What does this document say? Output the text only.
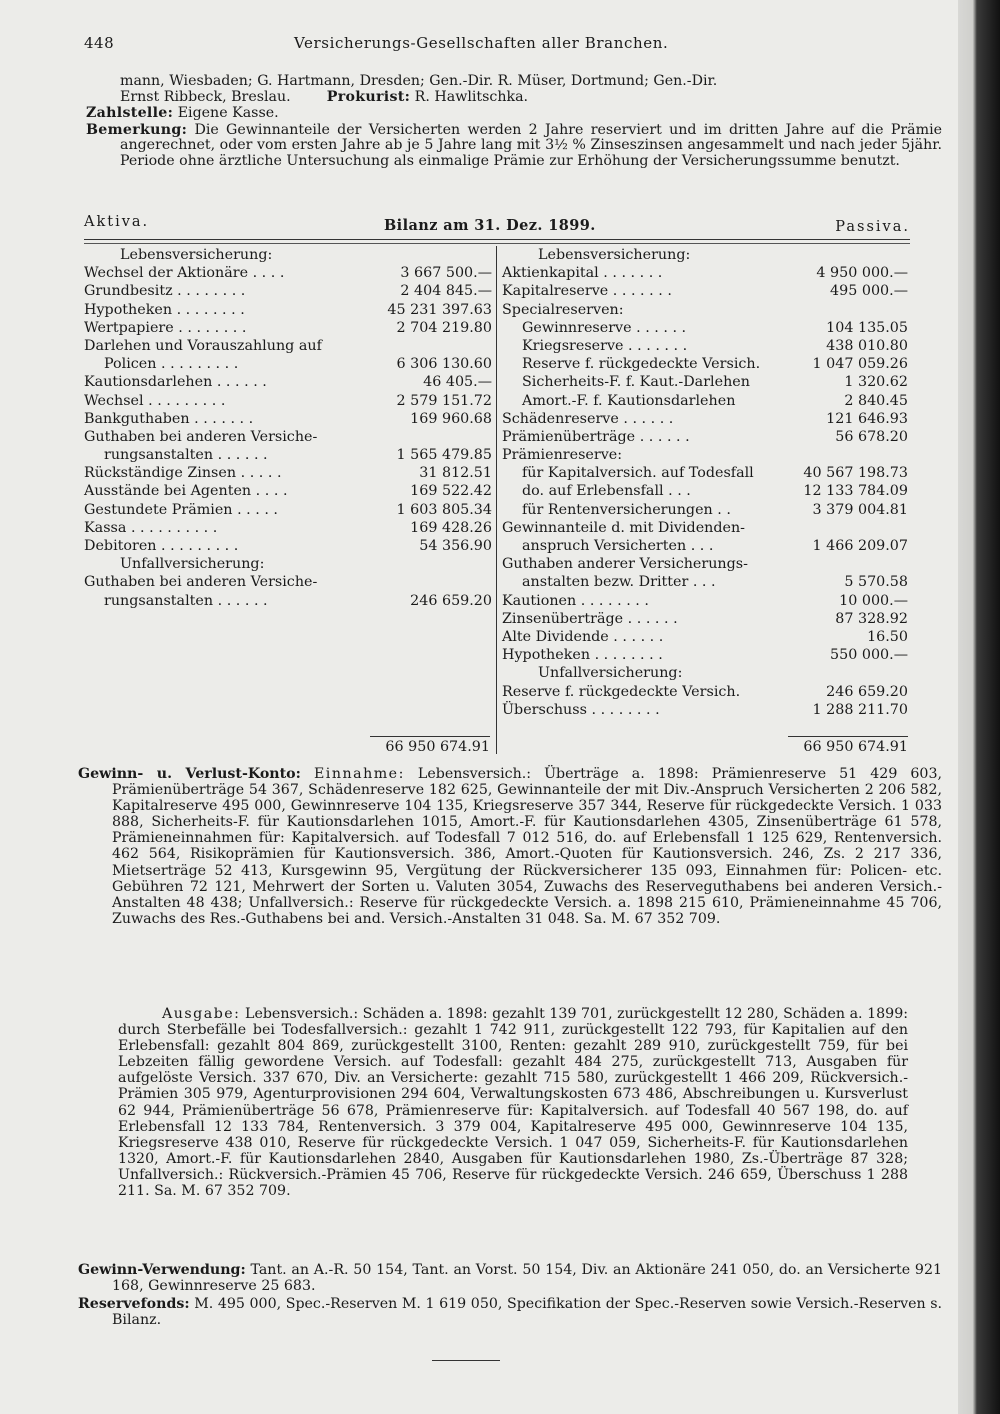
448	Versicherungs-Gesellschaften aller Branchen.
mann, Wiesbaden; G. Hartmann, Dresden; Gen.-Dir. R. Müser, Dortmund; Gen.-Dir.
Ernst Ribbeck, Breslau.	Prokurist: R. Hawlitschka.
Zahlstelle: Eigene Kasse.
Bemerkung: Die Gewinnanteile der Versicherten werden 2 Jahre reserviert und im dritten Jahre auf die Prämie angerechnet, oder vom ersten Jahre ab je 5 Jahre lang mit 3½ % Zinseszinsen angesammelt und nach jeder 5jähr. Periode ohne ärztliche Untersuchung als einmalige Prämie zur Erhöhung der Versicherungssumme benutzt.
Aktiva.	Bilanz am 31. Dez. 1899.	Passiva.
Lebensversicherung:
Wechsel der Aktionäre . . . .	3 667 500.—
Grundbesitz . . . . . . . .	2 404 845.—
Hypotheken . . . . . . . .	45 231 397.63
Wertpapiere . . . . . . . .	2 704 219.80
Darlehen und Vorauszahlung auf
Policen . . . . . . . . .	6 306 130.60
Kautionsdarlehen . . . . . .	46 405.—
Wechsel . . . . . . . . .	2 579 151.72
Bankguthaben . . . . . . .	169 960.68
Guthaben bei anderen Versiche-
rungsanstalten . . . . . .	1 565 479.85
Rückständige Zinsen . . . . .	31 812.51
Ausstände bei Agenten . . . .	169 522.42
Gestundete Prämien . . . . .	1 603 805.34
Kassa . . . . . . . . . .	169 428.26
Debitoren . . . . . . . . .	54 356.90
Unfallversicherung:
Guthaben bei anderen Versiche-
rungsanstalten . . . . . .	246 659.20
Lebensversicherung:
Aktienkapital . . . . . . .	4 950 000.—
Kapitalreserve . . . . . . .	495 000.—
Specialreserven:
Gewinnreserve . . . . . .	104 135.05
Kriegsreserve . . . . . . .	438 010.80
Reserve f. rückgedeckte Versich.	1 047 059.26
Sicherheits-F. f. Kaut.-Darlehen	1 320.62
Amort.-F. f. Kautionsdarlehen	2 840.45
Schädenreserve . . . . . .	121 646.93
Prämienüberträge . . . . . .	56 678.20
Prämienreserve:
für Kapitalversich. auf Todesfall	40 567 198.73
do. auf Erlebensfall . . .	12 133 784.09
für Rentenversicherungen . .	3 379 004.81
Gewinnanteile d. mit Dividenden-
anspruch Versicherten . . .	1 466 209.07
Guthaben anderer Versicherungs-
anstalten bezw. Dritter . . .	5 570.58
Kautionen . . . . . . . .	10 000.—
Zinsenüberträge . . . . . .	87 328.92
Alte Dividende . . . . . .	16.50
Hypotheken . . . . . . . .	550 000.—
Unfallversicherung:
Reserve f. rückgedeckte Versich.	246 659.20
Überschuss . . . . . . . .	1 288 211.70
66 950 674.91	66 950 674.91
Gewinn- u. Verlust-Konto: Einnahme: Lebensversich.: Überträge a. 1898: Prämienreserve 51 429 603, Prämienüberträge 54 367, Schädenreserve 182 625, Gewinnanteile der mit Div.-Anspruch Versicherten 2 206 582, Kapitalreserve 495 000, Gewinnreserve 104 135, Kriegsreserve 357 344, Reserve für rückgedeckte Versich. 1 033 888, Sicherheits-F. für Kautionsdarlehen 1015, Amort.-F. für Kautionsdarlehen 4305, Zinsenüberträge 61 578, Prämieneinnahmen für: Kapitalversich. auf Todesfall 7 012 516, do. auf Erlebensfall 1 125 629, Rentenversich. 462 564, Risikoprämien für Kautionsversich. 386, Amort.-Quoten für Kautionsversich. 246, Zs. 2 217 336, Mietserträge 52 413, Kursgewinn 95, Vergütung der Rückversicherer 135 093, Einnahmen für: Policen- etc. Gebühren 72 121, Mehrwert der Sorten u. Valuten 3054, Zuwachs des Reserveguthabens bei anderen Versich.-Anstalten 48 438; Unfallversich.: Reserve für rückgedeckte Versich. a. 1898 215 610, Prämieneinnahme 45 706, Zuwachs des Res.-Guthabens bei and. Versich.-Anstalten 31 048. Sa. M. 67 352 709.
Ausgabe: Lebensversich.: Schäden a. 1898: gezahlt 139 701, zurückgestellt 12 280, Schäden a. 1899: durch Sterbefälle bei Todesfallversich.: gezahlt 1 742 911, zurückgestellt 122 793, für Kapitalien auf den Erlebensfall: gezahlt 804 869, zurückgestellt 3100, Renten: gezahlt 289 910, zurückgestellt 759, für bei Lebzeiten fällig gewordene Versich. auf Todesfall: gezahlt 484 275, zurückgestellt 713, Ausgaben für aufgelöste Versich. 337 670, Div. an Versicherte: gezahlt 715 580, zurückgestellt 1 466 209, Rückversich.-Prämien 305 979, Agenturprovisionen 294 604, Verwaltungskosten 673 486, Abschreibungen u. Kursverlust 62 944, Prämienüberträge 56 678, Prämienreserve für: Kapitalversich. auf Todesfall 40 567 198, do. auf Erlebensfall 12 133 784, Rentenversich. 3 379 004, Kapitalreserve 495 000, Gewinnreserve 104 135, Kriegsreserve 438 010, Reserve für rückgedeckte Versich. 1 047 059, Sicherheits-F. für Kautionsdarlehen 1320, Amort.-F. für Kautionsdarlehen 2840, Ausgaben für Kautionsdarlehen 1980, Zs.-Überträge 87 328; Unfallversich.: Rückversich.-Prämien 45 706, Reserve für rückgedeckte Versich. 246 659, Überschuss 1 288 211. Sa. M. 67 352 709.
Gewinn-Verwendung: Tant. an A.-R. 50 154, Tant. an Vorst. 50 154, Div. an Aktionäre 241 050, do. an Versicherte 921 168, Gewinnreserve 25 683.
Reservefonds: M. 495 000, Spec.-Reserven M. 1 619 050, Specifikation der Spec.-Reserven sowie Versich.-Reserven s. Bilanz.
